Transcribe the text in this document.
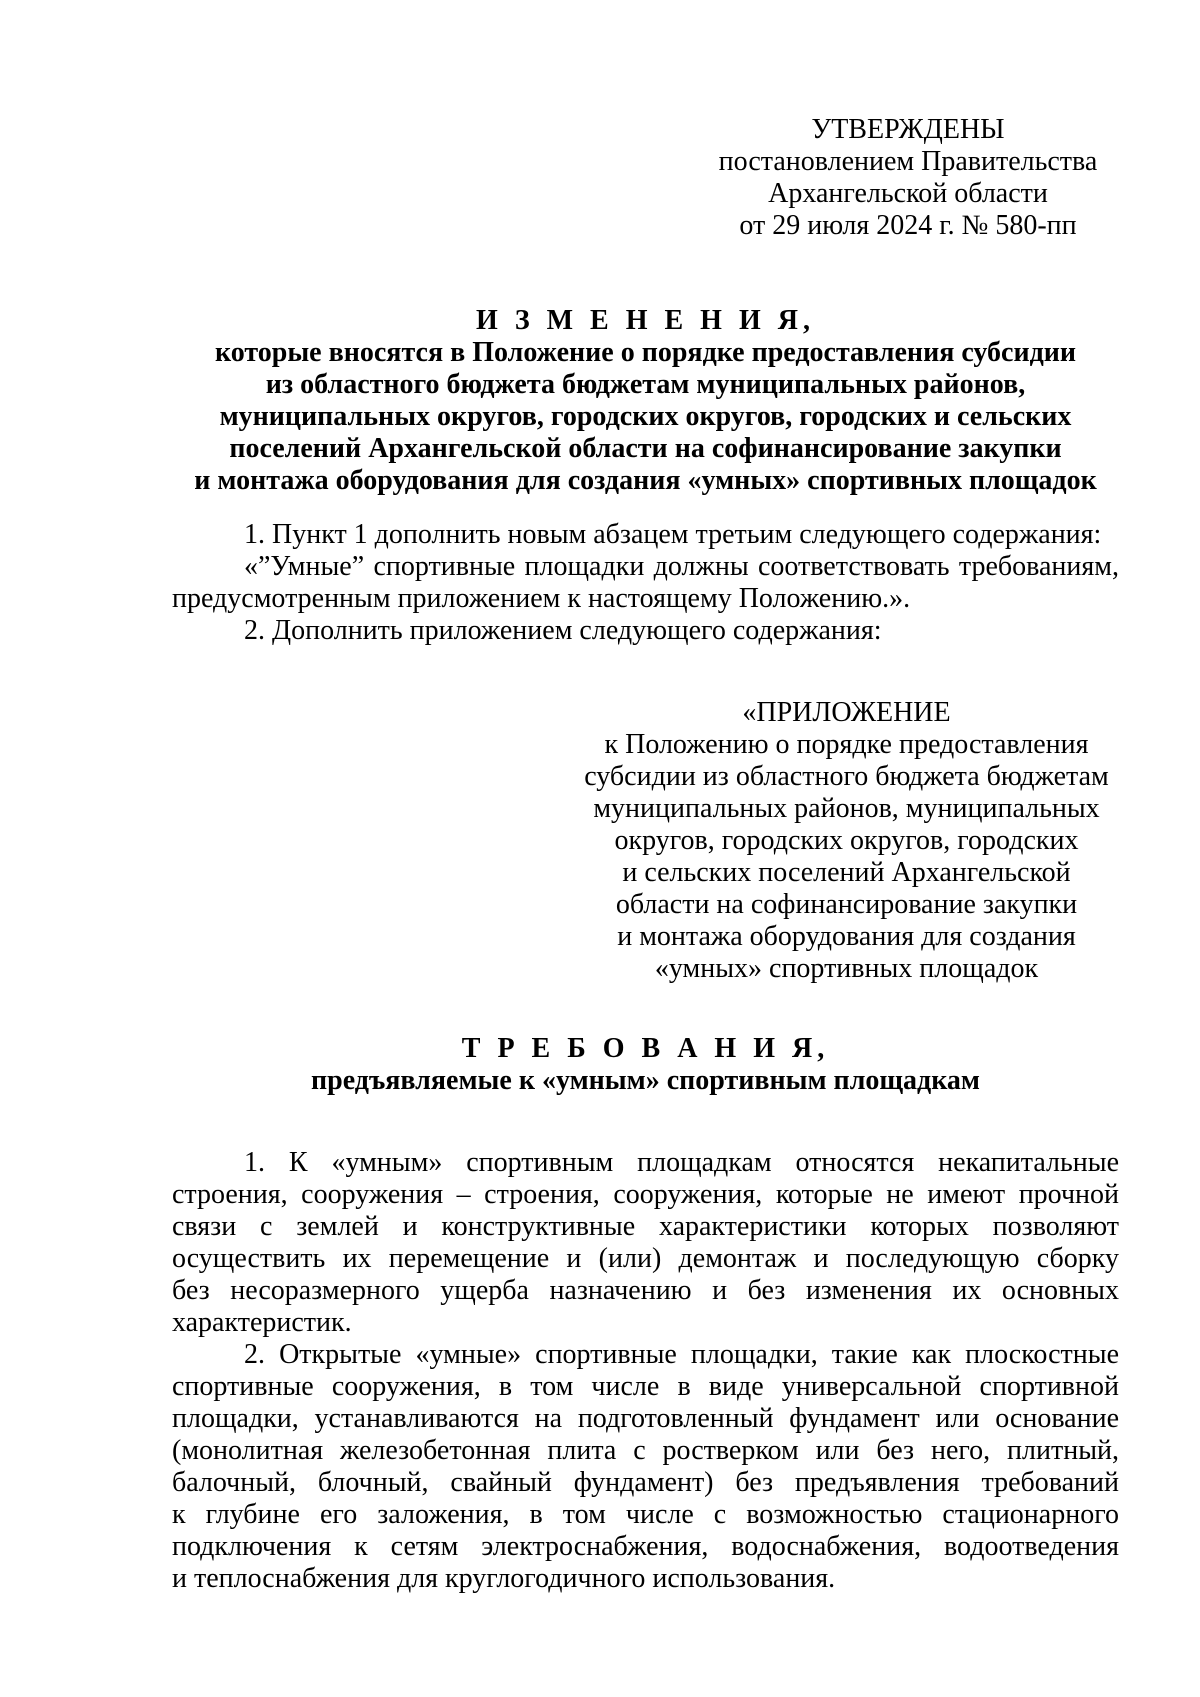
УТВЕРЖДЕНЫ
постановлением Правительства
Архангельской области
от 29 июля 2024 г. № 580-пп
И З М Е Н Е Н И Я,
которые вносятся в Положение о порядке предоставления субсидии
из областного бюджета бюджетам муниципальных районов,
муниципальных округов, городских округов, городских и сельских
поселений Архангельской области на софинансирование закупки
и монтажа оборудования для создания «умных» спортивных площадок
1. Пункт 1 дополнить новым абзацем третьим следующего содержания:
«”Умные” спортивные площадки должны соответствовать требованиям,
предусмотренным приложением к настоящему Положению.».
2. Дополнить приложением следующего содержания:
«ПРИЛОЖЕНИЕ
к Положению о порядке предоставления
субсидии из областного бюджета бюджетам
муниципальных районов, муниципальных
округов, городских округов, городских
и сельских поселений Архангельской
области на софинансирование закупки
и монтажа оборудования для создания
«умных» спортивных площадок
Т Р Е Б О В А Н И Я,
предъявляемые к «умным» спортивным площадкам
1. К «умным» спортивным площадкам относятся некапитальные
строения, сооружения – строения, сооружения, которые не имеют прочной
связи с землей и конструктивные характеристики которых позволяют
осуществить их перемещение и (или) демонтаж и последующую сборку
без несоразмерного ущерба назначению и без изменения их основных
характеристик.
2. Открытые «умные» спортивные площадки, такие как плоскостные
спортивные сооружения, в том числе в виде универсальной спортивной
площадки, устанавливаются на подготовленный фундамент или основание
(монолитная железобетонная плита с ростверком или без него, плитный,
балочный, блочный, свайный фундамент) без предъявления требований
к глубине его заложения, в том числе с возможностью стационарного
подключения к сетям электроснабжения, водоснабжения, водоотведения
и теплоснабжения для круглогодичного использования.
